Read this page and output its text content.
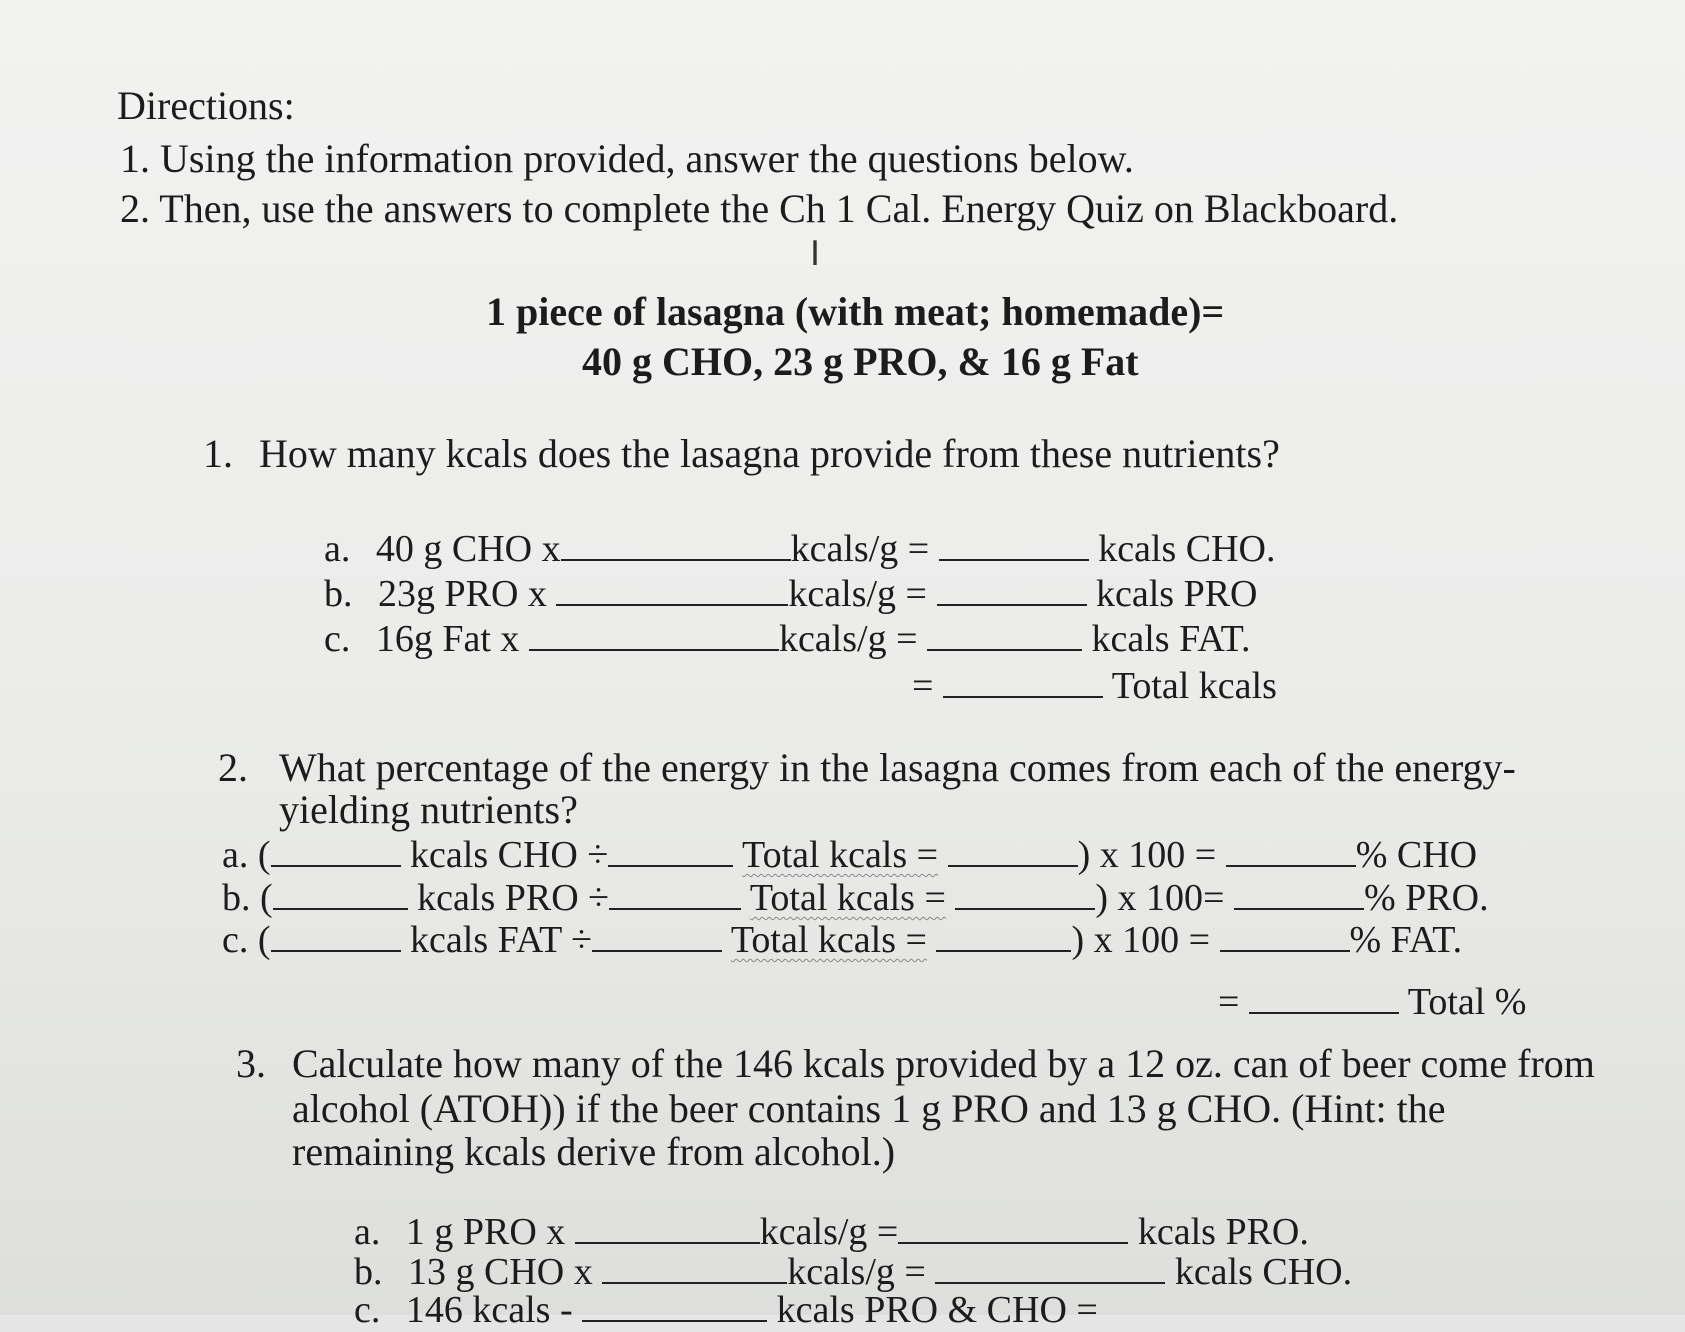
Directions:
1. Using the information provided, answer the questions below.
2. Then, use the answers to complete the Ch 1 Cal. Energy Quiz on Blackboard.
I
1 piece of lasagna (with meat; homemade)=
40 g CHO, 23 g PRO, & 16 g Fat
1. How many kcals does the lasagna provide from these nutrients?
a. 40 g CHO x	kcals/g =	kcals CHO.
b. 23g PRO x	kcals/g =	kcals PRO
c. 16g Fat x	kcals/g =	kcals FAT.
=	Total kcals
2. What percentage of the energy in the lasagna comes from each of the energy-
yielding nutrients?
a. (	kcals CHO ÷	Total kcals =	) x 100 =	% CHO
b. (	kcals PRO ÷	Total kcals =	) x 100=	% PRO.
c. (	kcals FAT ÷	Total kcals =	) x 100 =	% FAT.
=	Total %
3. Calculate how many of the 146 kcals provided by a 12 oz. can of beer come from
alcohol (ATOH)) if the beer contains 1 g PRO and 13 g CHO. (Hint: the
remaining kcals derive from alcohol.)
a. 1 g PRO x	kcals/g =	kcals PRO.
b. 13 g CHO x	kcals/g =	kcals CHO.
c. 146 kcals -	kcals PRO & CHO =
